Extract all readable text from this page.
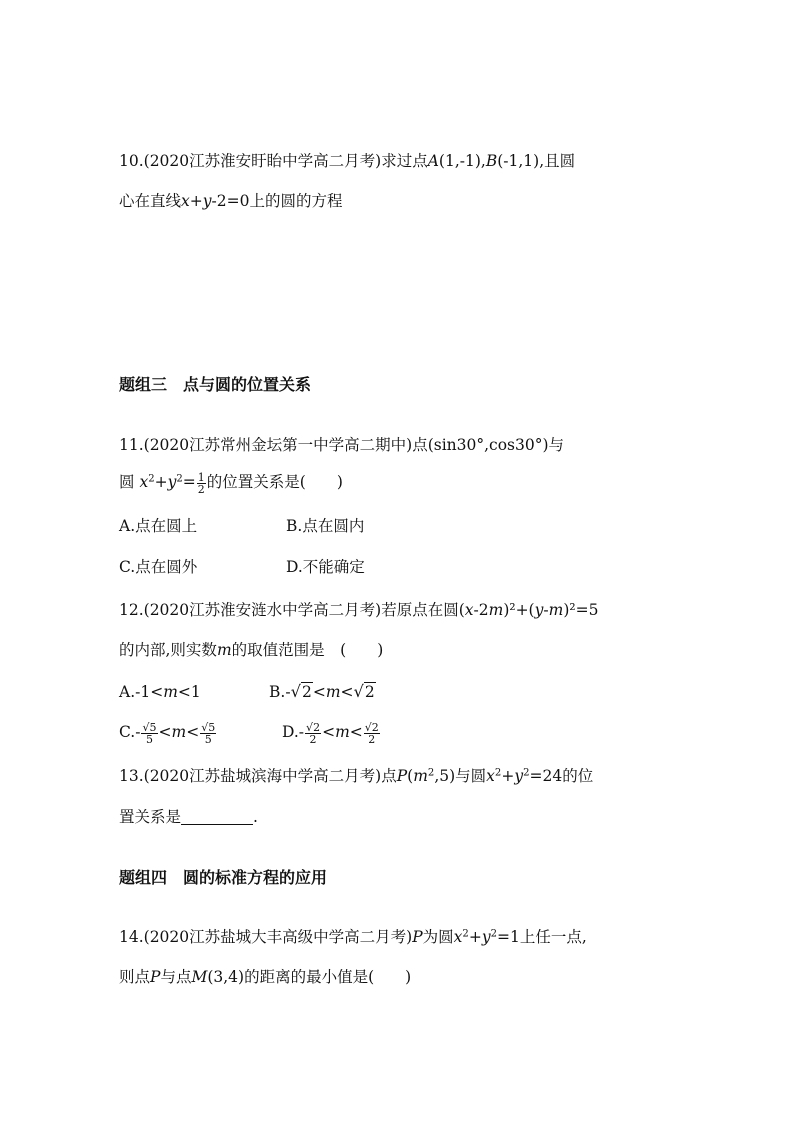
10.(2020江苏淮安盱眙中学高二月考)求过点A(1,-1),B(-1,1),且圆
心在直线x+y-2=0上的圆的方程
题组三　点与圆的位置关系
11.(2020江苏常州金坛第一中学高二期中)点(sin30°,cos30°)与
圆 $x^2+y^2= \frac{1}{2}$ 的位置关系是(　　)
A.点在圆上	B.点在圆内
C.点在圆外	D.不能确定
12.(2020江苏淮安涟水中学高二月考)若原点在圆(x-2m)²+(y-m)²=5
的内部,则实数m的取值范围是　(　　)
A.-1<m<1	B.-√2<m<√2
$C.- \frac{√5}{5} <m< \frac{√5}{5}$	$D.- \frac{√2}{2} <m< \frac{√2}{2}$
13.(2020江苏盐城滨海中学高二月考)点$P(m^2,5)$与圆$x^2+y^2=24$的位
置关系是	.
题组四　圆的标准方程的应用
14.(2020江苏盐城大丰高级中学高二月考)P为圆$x^2+y^2=1$上任一点,
则点P与点M(3,4)的距离的最小值是(　　)
